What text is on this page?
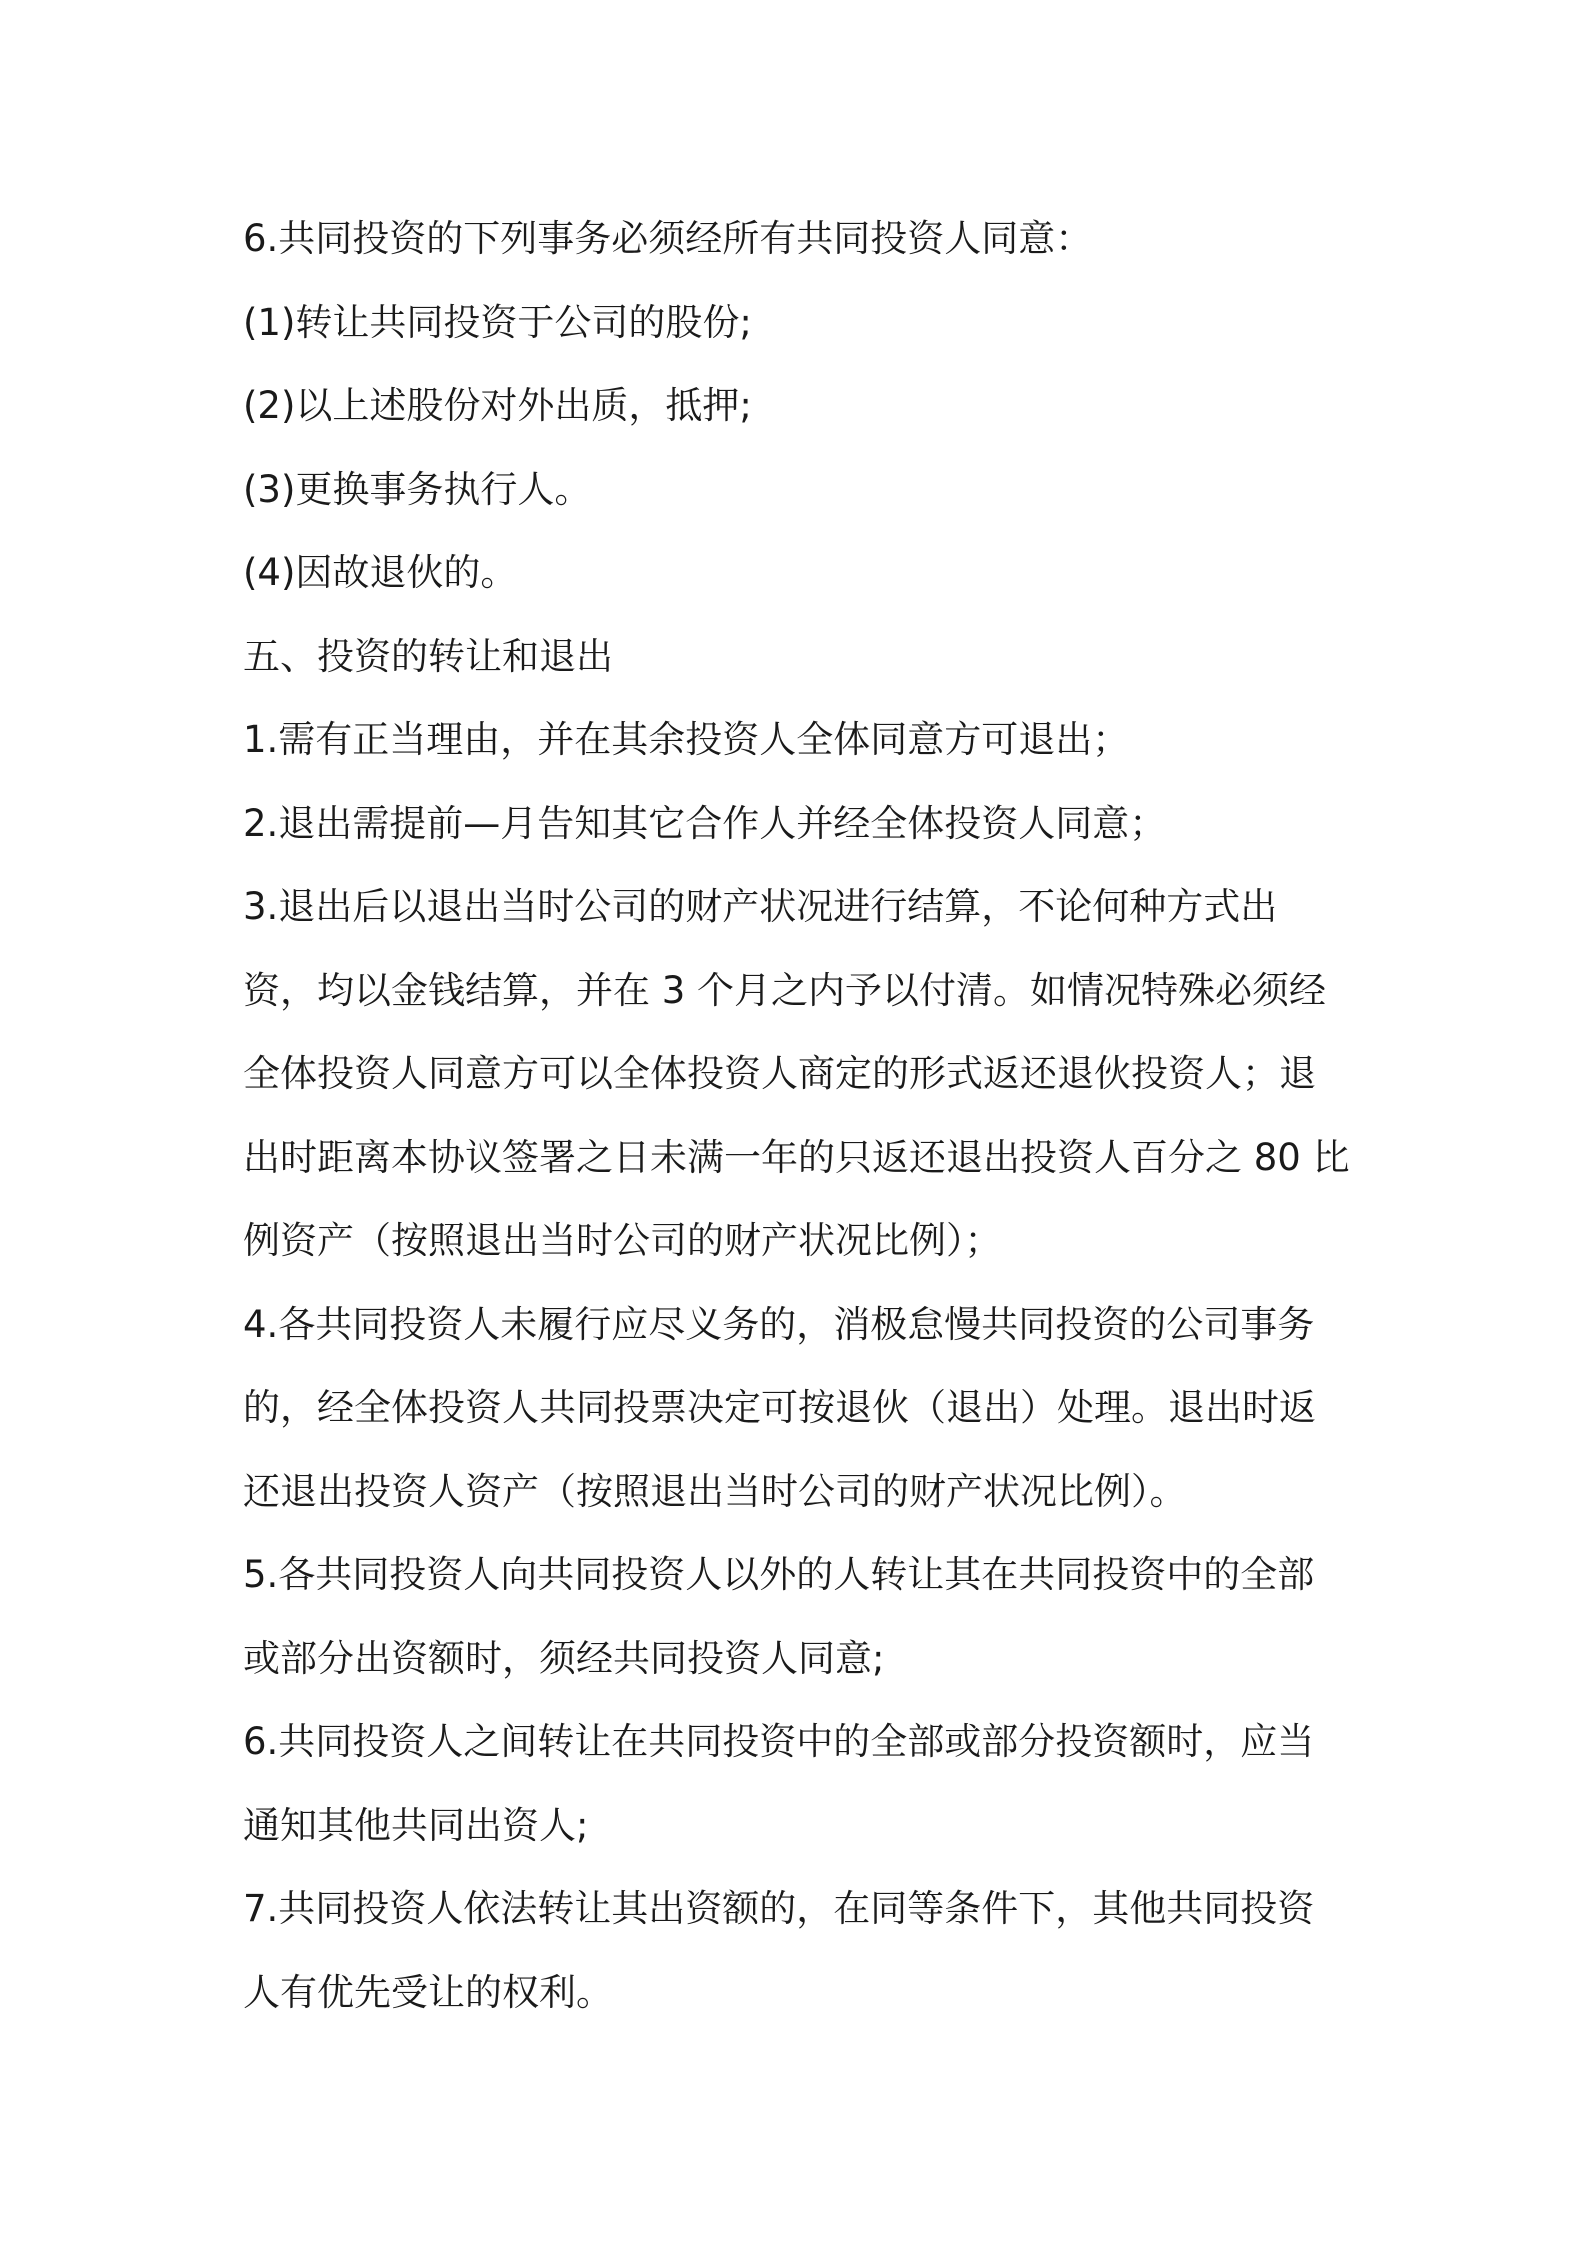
6.共同投资的下列事务必须经所有共同投资人同意：
(1)转让共同投资于公司的股份;
(2)以上述股份对外出质，抵押;
(3)更换事务执行人。
(4)因故退伙的。
五、投资的转让和退出
1.需有正当理由，并在其余投资人全体同意方可退出；
2.退出需提前—月告知其它合作人并经全体投资人同意；
3.退出后以退出当时公司的财产状况进行结算，不论何种方式出
资，均以金钱结算，并在 3 个月之内予以付清。如情况特殊必须经
全体投资人同意方可以全体投资人商定的形式返还退伙投资人；退
出时距离本协议签署之日未满一年的只返还退出投资人百分之 80 比
例资产（按照退出当时公司的财产状况比例）；
4.各共同投资人未履行应尽义务的，消极怠慢共同投资的公司事务
的，经全体投资人共同投票决定可按退伙（退出）处理。退出时返
还退出投资人资产（按照退出当时公司的财产状况比例）。
5.各共同投资人向共同投资人以外的人转让其在共同投资中的全部
或部分出资额时，须经共同投资人同意;
6.共同投资人之间转让在共同投资中的全部或部分投资额时，应当
通知其他共同出资人;
7.共同投资人依法转让其出资额的，在同等条件下，其他共同投资
人有优先受让的权利。
